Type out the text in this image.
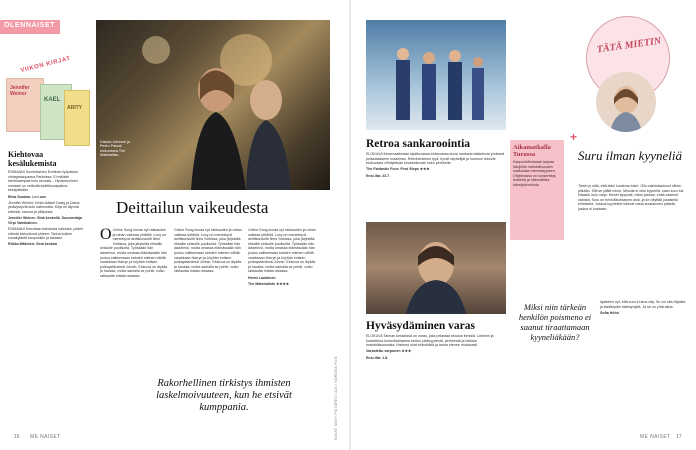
OLENNAISET
VIIKON KIRJAT
Jennifer Weiner
KAEL
ARITY
Kiehtovaa kesälukemista

ROMAANI Suomalainen Evelinan työpaikan vintagekaupassa Pariisissa. Ei mikään kiehtovampaa kuin seurata... Hyväntuulinen romaani on vetävää todellisuuspakoa kesäpäivään.

Elisa Suokas: Le Luxe

Jennifer Weiner: Keski-ikäiset Daisy ja Diana ystävystyvät kuin sattumalta. Kirja on täynnä elämää, naurua ja yllätyksiä.

Jennifer Weiner: Sinä keskellä. Suomentaja Virpi Vainikainen.

ROMAANI Kerrotaan kahdesta naisesta, joiden elämät kietoutuvat yhteen. Tarina kulkee lomakylästä kaupunkiin ja takaisin.

Riikka Mäkinen: Sinä kesänä

Dakota Johnson ja Pedro Pascal elokuvassa The Materialists.
Deittailun vaikeudesta

O Celine Song kuvaa nyt rakkauden ja rahan vaikeaa yhtälöä. Lucy on menestyvä deittikonsultti New Yorkissa, joka järjestää rikkaille sinkuille puolisoita. Työssään hän laskelmoi, mutta omassa elämässään hän joutuu valitsemaan kahden miehen välillä: varakkaan Harryn ja köyhän entisen poikaystävänsä Johnin. Elokuva on älykäs ja hauska, mutta samalla se pohtii, voiko rakkautta mitata rahassa.

Celine Song kuvaa nyt rakkauden ja rahan vaikeaa yhtälöä. Lucy on menestyvä deittikonsultti New Yorkissa, joka järjestää rikkaille sinkuille puolisoita. Työssään hän laskelmoi, mutta omassa elämässään hän joutuu valitsemaan kahden miehen välillä: varakkaan Harryn ja köyhän entisen poikaystävänsä Johnin. Elokuva on älykäs ja hauska, mutta samalla se pohtii, voiko rakkautta mitata rahassa.

Celine Song kuvaa nyt rakkauden ja rahan vaikeaa yhtälöä. Lucy on menestyvä deittikonsultti New Yorkissa, joka järjestää rikkaille sinkuille puolisoita. Työssään hän laskelmoi, mutta omassa elämässään hän joutuu valitsemaan kahden miehen välillä: varakkaan Harryn ja köyhän entisen poikaystävänsä Johnin. Elokuva on älykäs ja hauska, mutta samalla se pohtii, voiko rakkautta mitata rahassa.

Helmi Laulainen

The Materialists ★★★★

Rakorhellinen tirkistys ihmisten laskelmoivuuteen, kun he etsivät kumppania.	KUVAT: SONY PICTURES / A24 / NORDISK FILM
16 ME NAISET
Retroa sankaroointia

ELOKUVA Ihmemaailmaan sijoittuvassa elokuvassa kuusi sankaria taistelevat yhdessä pelastaakseen maailman. Retrohenkinen tyyli, hyvät näyttelijät ja huumori tekevät elokuvasta viihdyttävän kesäelokuvan koko perheelle.

The Fantastic Four: First Steps ★★★

Ensi-ilta: 23.7.

Aikamatkalla Turussa
Kaupunkifestivaali tarjoaa kävijöille mahdollisuuden matkustaa menneisyyteen. Ohjelmassa on konsertteja, teatteria ja historiallisia kävelykierroksia.
Hyväsydäminen varas

ELOKUVA Tarinan keskiössä on varas, joka pelastaa seudun ihmisiä. Lämmin ja koskettava komediadraama kertoo ystävyydestä, perheestä ja toisista mahdollisuuksista. Hahmot ovat inhimillisiä ja tarina etenee mukavasti.

Varastettu varpunen ★★★

Ensi-ilta: 1.8.

+
TÄTÄ MIETIN
Suru ilman kyyneliä

Tiesin jo siitä, että isäni kuolema tulee. Olin valmistautunut siihen pitkään. Silti se yllätti minut. Minulla ei ollut kyyneliä, vaan suru tuli hitaasti, kuin varjo. Monet kysyivät, miten jaksan, enkä osannut vastata. Suru on henkilökohtainen asia, ja se näyttää jokaisella erilaiselta. Joskus kyyneleet tulevat vasta kuukausien päästä, joskus ei koskaan.

Miksi niin tärkeän henkilön poismeno ei saanut tiraattamaan kyyneliäkään?

Ajattelen nyt, että suru ei aina näy. Se voi olla hiljaista ja sisäänpäin kääntynyttä. Ja se on yhtä aitoa.

Sofia Höhn

ME NAISET 17
